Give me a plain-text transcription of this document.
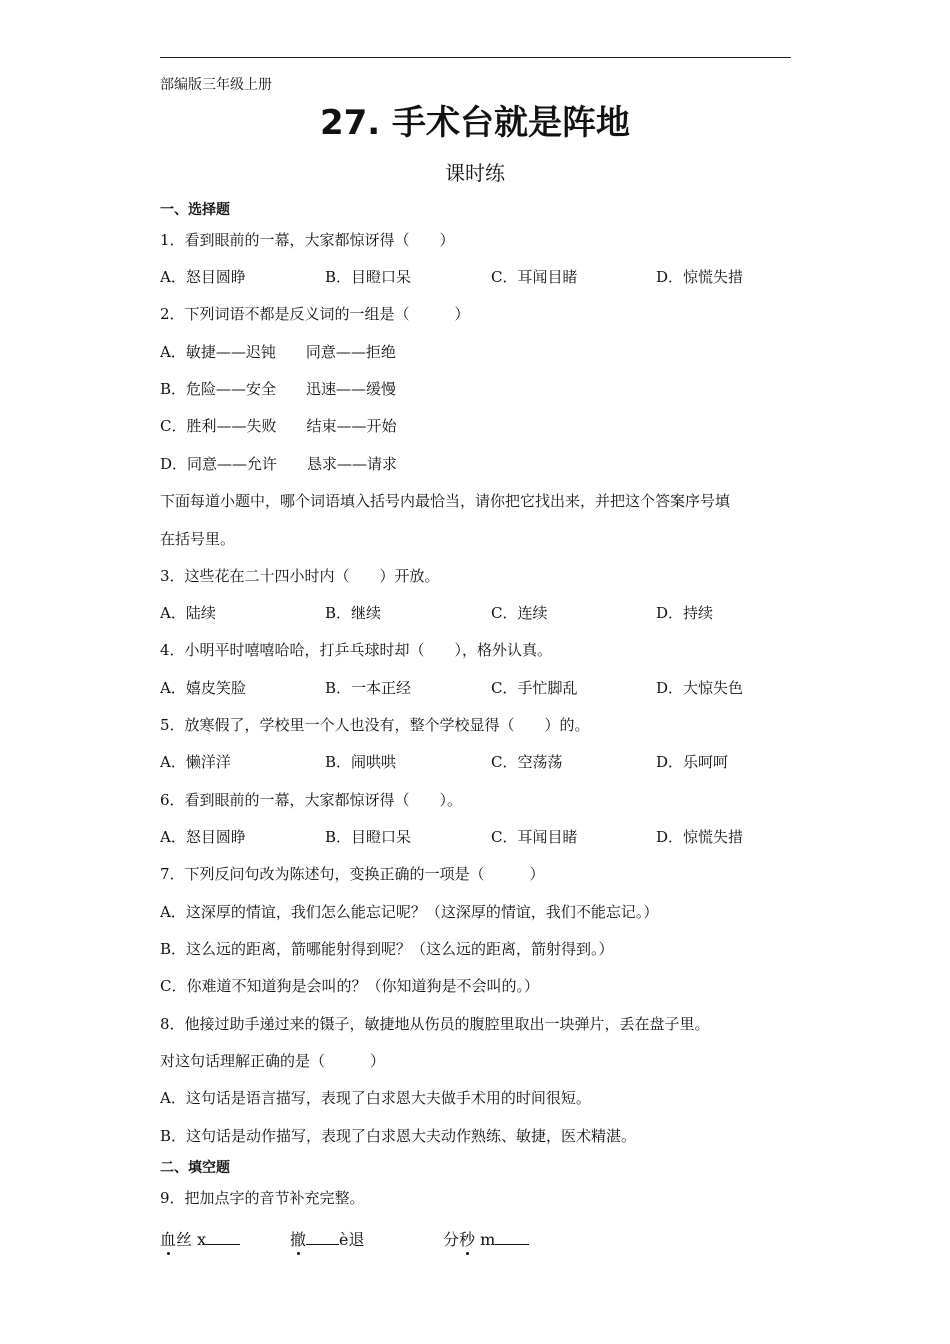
部编版三年级上册
27. 手术台就是阵地
课时练
一、选择题
1．看到眼前的一幕，大家都惊讶得（　　）
A．怒目圆睁	B．目瞪口呆	C．耳闻目睹	D．惊慌失措
2．下列词语不都是反义词的一组是（　　　）
A．敏捷——迟钝　　同意——拒绝
B．危险——安全　　迅速——缓慢
C．胜利——失败　　结束——开始
D．同意——允许　　恳求——请求
下面每道小题中，哪个词语填入括号内最恰当，请你把它找出来，并把这个答案序号填
在括号里。
3．这些花在二十四小时内（　　）开放。
A．陆续	B．继续	C．连续	D．持续
4．小明平时嘻嘻哈哈，打乒乓球时却（　　），格外认真。
A．嬉皮笑脸	B．一本正经	C．手忙脚乱	D．大惊失色
5．放寒假了，学校里一个人也没有，整个学校显得（　　）的。
A．懒洋洋	B．闹哄哄	C．空荡荡	D．乐呵呵
6．看到眼前的一幕，大家都惊讶得（　　）。
A．怒目圆睁	B．目瞪口呆	C．耳闻目睹	D．惊慌失措
7．下列反问句改为陈述句，变换正确的一项是（　　　）
A．这深厚的情谊，我们怎么能忘记呢？（这深厚的情谊，我们不能忘记。）
B．这么远的距离，箭哪能射得到呢？（这么远的距离，箭射得到。）
C．你难道不知道狗是会叫的？（你知道狗是不会叫的。）
8．他接过助手递过来的镊子，敏捷地从伤员的腹腔里取出一块弹片，丢在盘子里。
对这句话理解正确的是（　　　）
A．这句话是语言描写，表现了白求恩大夫做手术用的时间很短。
B．这句话是动作描写，表现了白求恩大夫动作熟练、敏捷，医术精湛。
二、填空题
9．把加点字的音节补充完整。
血丝 x	撤 è退	分秒 m
